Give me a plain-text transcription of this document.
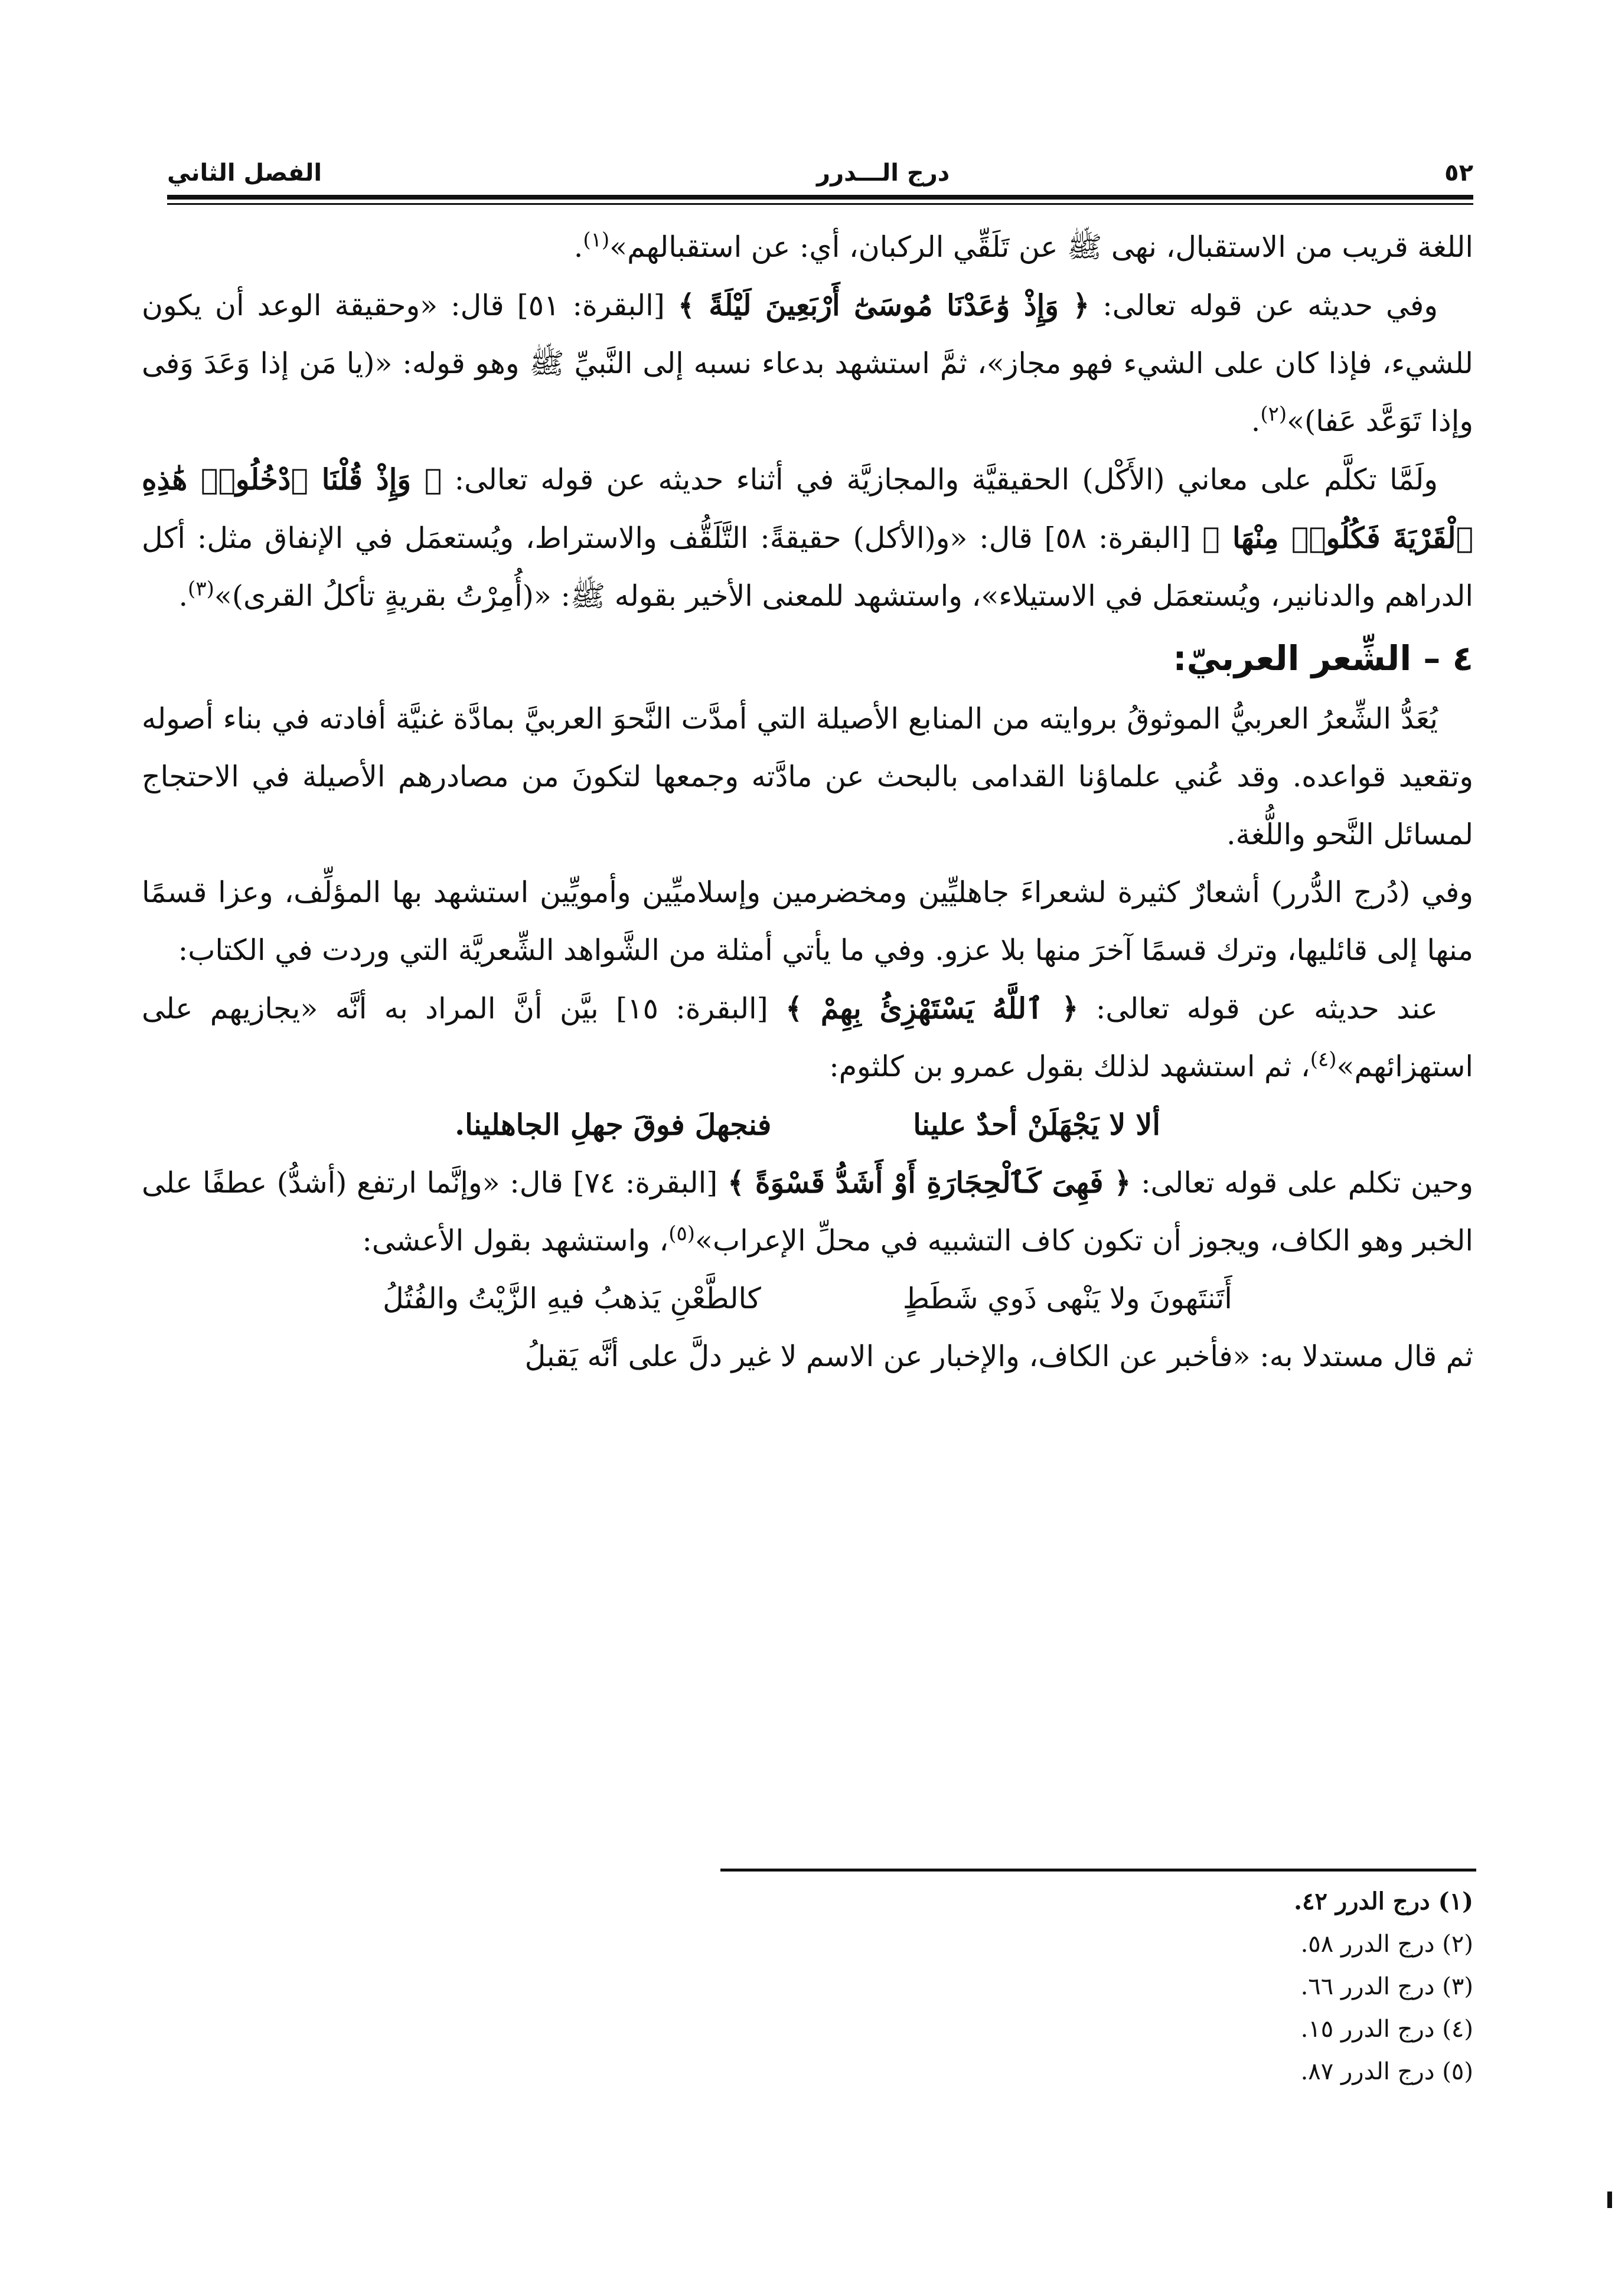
٥٢
درج الـــدرر
الفصل الثاني

اللغة قريب من الاستقبال، نهى ﷺ عن تَلَقِّي الركبان، أي: عن استقبالهم»$^{(١)}$.

وفي حديثه عن قوله تعالى: ﴿ وَإِذْ وَٰعَدْنَا مُوسَىٰٓ أَرْبَعِينَ لَيْلَةً ﴾ [البقرة: ٥١] قال: «وحقيقة الوعد أن يكون للشيء، فإذا كان على الشيء فهو مجاز»، ثمَّ استشهد بدعاء نسبه إلى النَّبيِّ ﷺ وهو قوله: «(يا مَن إذا وَعَدَ وَفى وإذا تَوَعَّد عَفا)»$^{(٢)}$.

ولَمَّا تكلَّم على معاني (الأَكْل) الحقيقيَّة والمجازيَّة في أثناء حديثه عن قوله تعالى: ﴿ وَإِذْ قُلْنَا ٱدْخُلُوا۟ هَٰذِهِ ٱلْقَرْيَةَ فَكُلُوا۟ مِنْهَا ﴾ [البقرة: ٥٨] قال: «و(الأكل) حقيقةً: التَّلَقُّف والاستراط، ويُستعمَل في الإنفاق مثل: أكل الدراهم والدنانير، ويُستعمَل في الاستيلاء»، واستشهد للمعنى الأخير بقوله ﷺ: «(أُمِرْتُ بقريةٍ تأكلُ القرى)»$^{(٣)}$.

٤ – الشِّعر العربيّ:

يُعَدُّ الشِّعرُ العربيُّ الموثوقُ بروايته من المنابع الأصيلة التي أمدَّت النَّحوَ العربيَّ بمادَّة غنيَّة أفادته في بناء أصوله وتقعيد قواعده. وقد عُني علماؤنا القدامى بالبحث عن مادَّته وجمعها لتكونَ من مصادرهم الأصيلة في الاحتجاج لمسائل النَّحو واللُّغة.

وفي (دُرج الدُّرر) أشعارٌ كثيرة لشعراءَ جاهليِّين ومخضرمين وإسلاميِّين وأمويِّين استشهد بها المؤلِّف، وعزا قسمًا منها إلى قائليها، وترك قسمًا آخرَ منها بلا عزو. وفي ما يأتي أمثلة من الشَّواهد الشِّعريَّة التي وردت في الكتاب:

عند حديثه عن قوله تعالى: ﴿ ٱللَّهُ يَسْتَهْزِئُ بِهِمْ ﴾ [البقرة: ١٥] بيَّن أنَّ المراد به أنَّه «يجازيهم على استهزائهم»$^{(٤)}$، ثم استشهد لذلك بقول عمرو بن كلثوم:

ألا لا يَجْهَلَنْ أحدٌ علينا
فنجهلَ فوقَ جهلِ الجاهلينا.

وحين تكلم على قوله تعالى: ﴿ فَهِىَ كَٱلْحِجَارَةِ أَوْ أَشَدُّ قَسْوَةً ﴾ [البقرة: ٧٤] قال: «وإنَّما ارتفع (أشدُّ) عطفًا على الخبر وهو الكاف، ويجوز أن تكون كاف التشبيه في محلِّ الإعراب»$^{(٥)}$، واستشهد بقول الأعشى:

أَتَنتَهونَ ولا يَنْهى ذَوي شَطَطٍ
كالطَّعْنِ يَذهبُ فيهِ الزَّيْتُ والفُتُلُ

ثم قال مستدلا به: «فأخبر عن الكاف، والإخبار عن الاسم لا غير دلَّ على أنَّه يَقبلُ

(١) درج الدرر ٤٢.
(٢) درج الدرر ٥٨.
(٣) درج الدرر ٦٦.
(٤) درج الدرر ١٥.
(٥) درج الدرر ٨٧.
